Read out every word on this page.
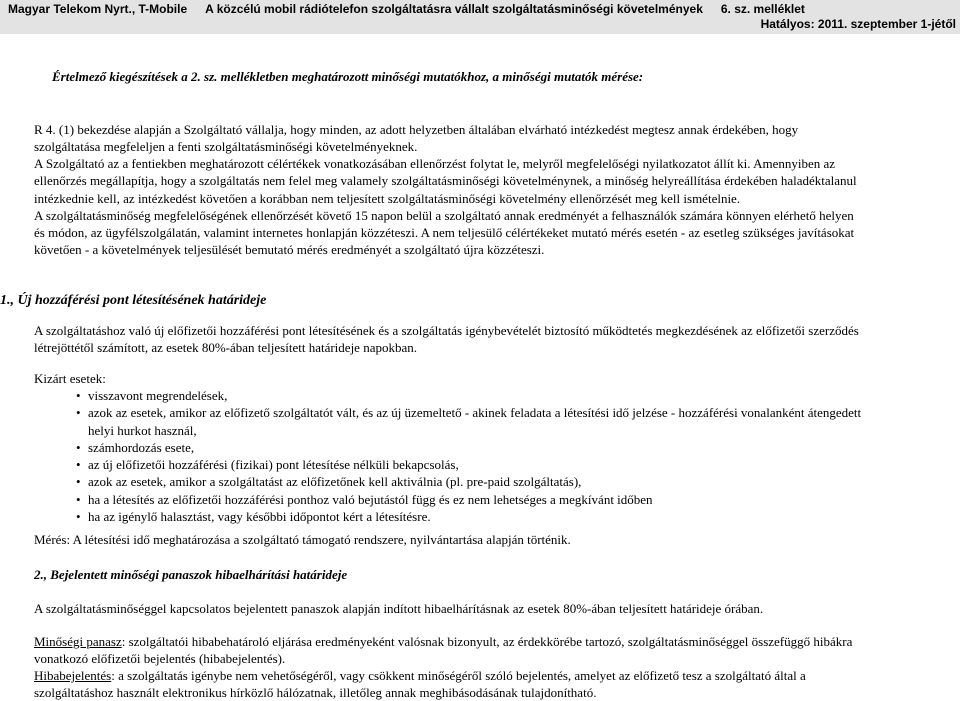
Magyar Telekom Nyrt., T-Mobile A közcélú mobil rádiótelefon szolgáltatásra vállalt szolgáltatásminőségi követelmények 6. sz. melléklet
Hatályos: 2011. szeptember 1-jétől

Értelmező kiegészítések a 2. sz. mellékletben meghatározott minőségi mutatókhoz, a minőségi mutatók mérése:

R 4. (1) bekezdése alapján a Szolgáltató vállalja, hogy minden, az adott helyzetben általában elvárható intézkedést megtesz annak érdekében, hogy

szolgáltatása megfeleljen a fenti szolgáltatásminőségi követelményeknek.

A Szolgáltató az a fentiekben meghatározott célértékek vonatkozásában ellenőrzést folytat le, melyről megfelelőségi nyilatkozatot állít ki. Amennyiben az

ellenőrzés megállapítja, hogy a szolgáltatás nem felel meg valamely szolgáltatásminőségi követelménynek, a minőség helyreállítása érdekében haladéktalanul

intézkednie kell, az intézkedést követően a korábban nem teljesített szolgáltatásminőségi követelmény ellenőrzését meg kell ismételnie.

A szolgáltatásminőség megfelelőségének ellenőrzését követő 15 napon belül a szolgáltató annak eredményét a felhasználók számára könnyen elérhető helyen

és módon, az ügyfélszolgálatán, valamint internetes honlapján közzéteszi. A nem teljesülő célértékeket mutató mérés esetén - az esetleg szükséges javításokat

követően - a követelmények teljesülését bemutató mérés eredményét a szolgáltató újra közzéteszi.

1., Új hozzáférési pont létesítésének határideje

A szolgáltatáshoz való új előfizetői hozzáférési pont létesítésének és a szolgáltatás igénybevételét biztosító működtetés megkezdésének az előfizetői szerződés

létrejöttétől számított, az esetek 80%-ában teljesített határideje napokban.

Kizárt esetek:

• visszavont megrendelések,
• azok az esetek, amikor az előfizető szolgáltatót vált, és az új üzemeltető - akinek feladata a létesítési idő jelzése - hozzáférési vonalanként átengedett
helyi hurkot használ,
• számhordozás esete,
• az új előfizetői hozzáférési (fizikai) pont létesítése nélküli bekapcsolás,
• azok az esetek, amikor a szolgáltatást az előfizetőnek kell aktiválnia (pl. pre-paid szolgáltatás),
• ha a létesítés az előfizetői hozzáférési ponthoz való bejutástól függ és ez nem lehetséges a megkívánt időben
• ha az igénylő halasztást, vagy későbbi időpontot kért a létesítésre.

Mérés: A létesítési idő meghatározása a szolgáltató támogató rendszere, nyilvántartása alapján történik.

2., Bejelentett minőségi panaszok hibaelhárítási határideje

A szolgáltatásminőséggel kapcsolatos bejelentett panaszok alapján indított hibaelhárításnak az esetek 80%-ában teljesített határideje órában.

Minőségi panasz: szolgáltatói hibabehatároló eljárása eredményeként valósnak bizonyult, az érdekkörébe tartozó, szolgáltatásminőséggel összefüggő hibákra

vonatkozó előfizetői bejelentés (hibabejelentés).

Hibabejelentés: a szolgáltatás igénybe nem vehetőségéről, vagy csökkent minőségéről szóló bejelentés, amelyet az előfizető tesz a szolgáltató által a

szolgáltatáshoz használt elektronikus hírközlő hálózatnak, illetőleg annak meghibásodásának tulajdonítható.
